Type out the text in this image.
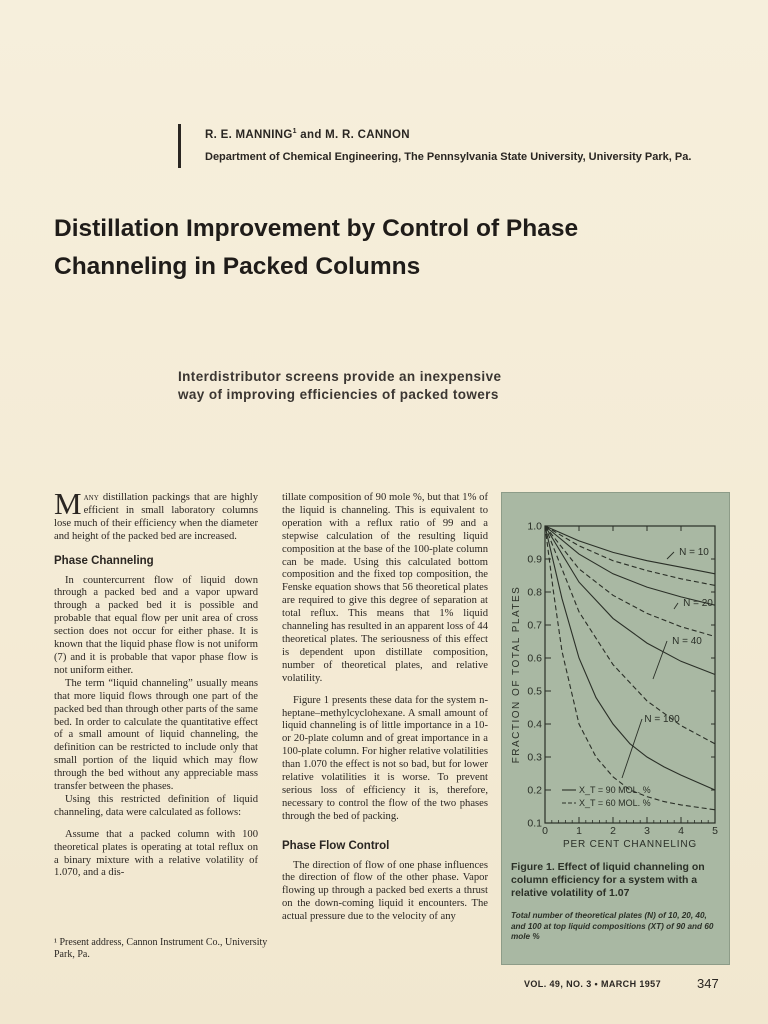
R. E. MANNING$^1$ and M. R. CANNON
Department of Chemical Engineering, The Pennsylvania State University, University Park, Pa.
Distillation Improvement by Control of Phase
Channeling in Packed Columns
Interdistributor screens provide an inexpensive
way of improving efficiencies of packed towers

Many distillation packings that are highly efficient in small laboratory columns lose much of their efficiency when the diameter and height of the packed bed are increased.

Phase Channeling

In countercurrent flow of liquid down through a packed bed and a vapor upward through a packed bed it is possible and probable that equal flow per unit area of cross section does not occur for either phase. It is known that the liquid phase flow is not uniform (7) and it is probable that vapor phase flow is not uniform either.

The term “liquid channeling” usually means that more liquid flows through one part of the packed bed than through other parts of the same bed. In order to calculate the quantitative effect of a small amount of liquid channeling, the definition can be restricted to include only that small portion of the liquid which may flow through the bed without any appreciable mass transfer between the phases.

Using this restricted definition of liquid channeling, data were calculated as follows:

Assume that a packed column with 100 theoretical plates is operating at total reflux on a binary mixture with a relative volatility of 1.070, and a dis-

¹ Present address, Cannon Instrument Co., University Park, Pa.

tillate composition of 90 mole %, but that 1% of the liquid is channeling. This is equivalent to operation with a reflux ratio of 99 and a stepwise calculation of the resulting liquid composition at the base of the 100-plate column can be made. Using this calculated bottom composition and the fixed top composition, the Fenske equation shows that 56 theoretical plates are required to give this degree of separation at total reflux. This means that 1% liquid channeling has resulted in an apparent loss of 44 theoretical plates. The seriousness of this effect is dependent upon distillate composition, number of theoretical plates, and relative volatility.

Figure 1 presents these data for the system n-heptane–methylcyclohexane. A small amount of liquid channeling is of little importance in a 10- or 20-plate column and of great importance in a 100-plate column. For higher relative volatilities than 1.070 the effect is not so bad, but for lower relative volatilities it is worse. To prevent serious loss of efficiency it is, therefore, necessary to control the flow of the two phases through the bed of packing.

Phase Flow Control

The direction of flow of one phase influences the direction of flow of the other phase. Vapor flowing up through a packed bed exerts a thrust on the down-coming liquid it encounters. The actual pressure due to the velocity of any

0.1
0.2
0.3
0.4
0.5
0.6
0.7
0.8
0.9
1.0
0	1	2	3	4	5
PER CENT CHANNELING
FRACTION OF TOTAL PLATES
N = 10
N = 20
N = 40
N = 100
X_T = 90 MOL. %
X_T = 60 MOL. %
Figure 1. Effect of liquid channeling on column efficiency for a system with a relative volatility of 1.07
Total number of theoretical plates (N) of 10, 20, 40, and 100 at top liquid compositions (XT) of 90 and 60 mole %
VOL. 49, NO. 3 • MARCH 1957	347
